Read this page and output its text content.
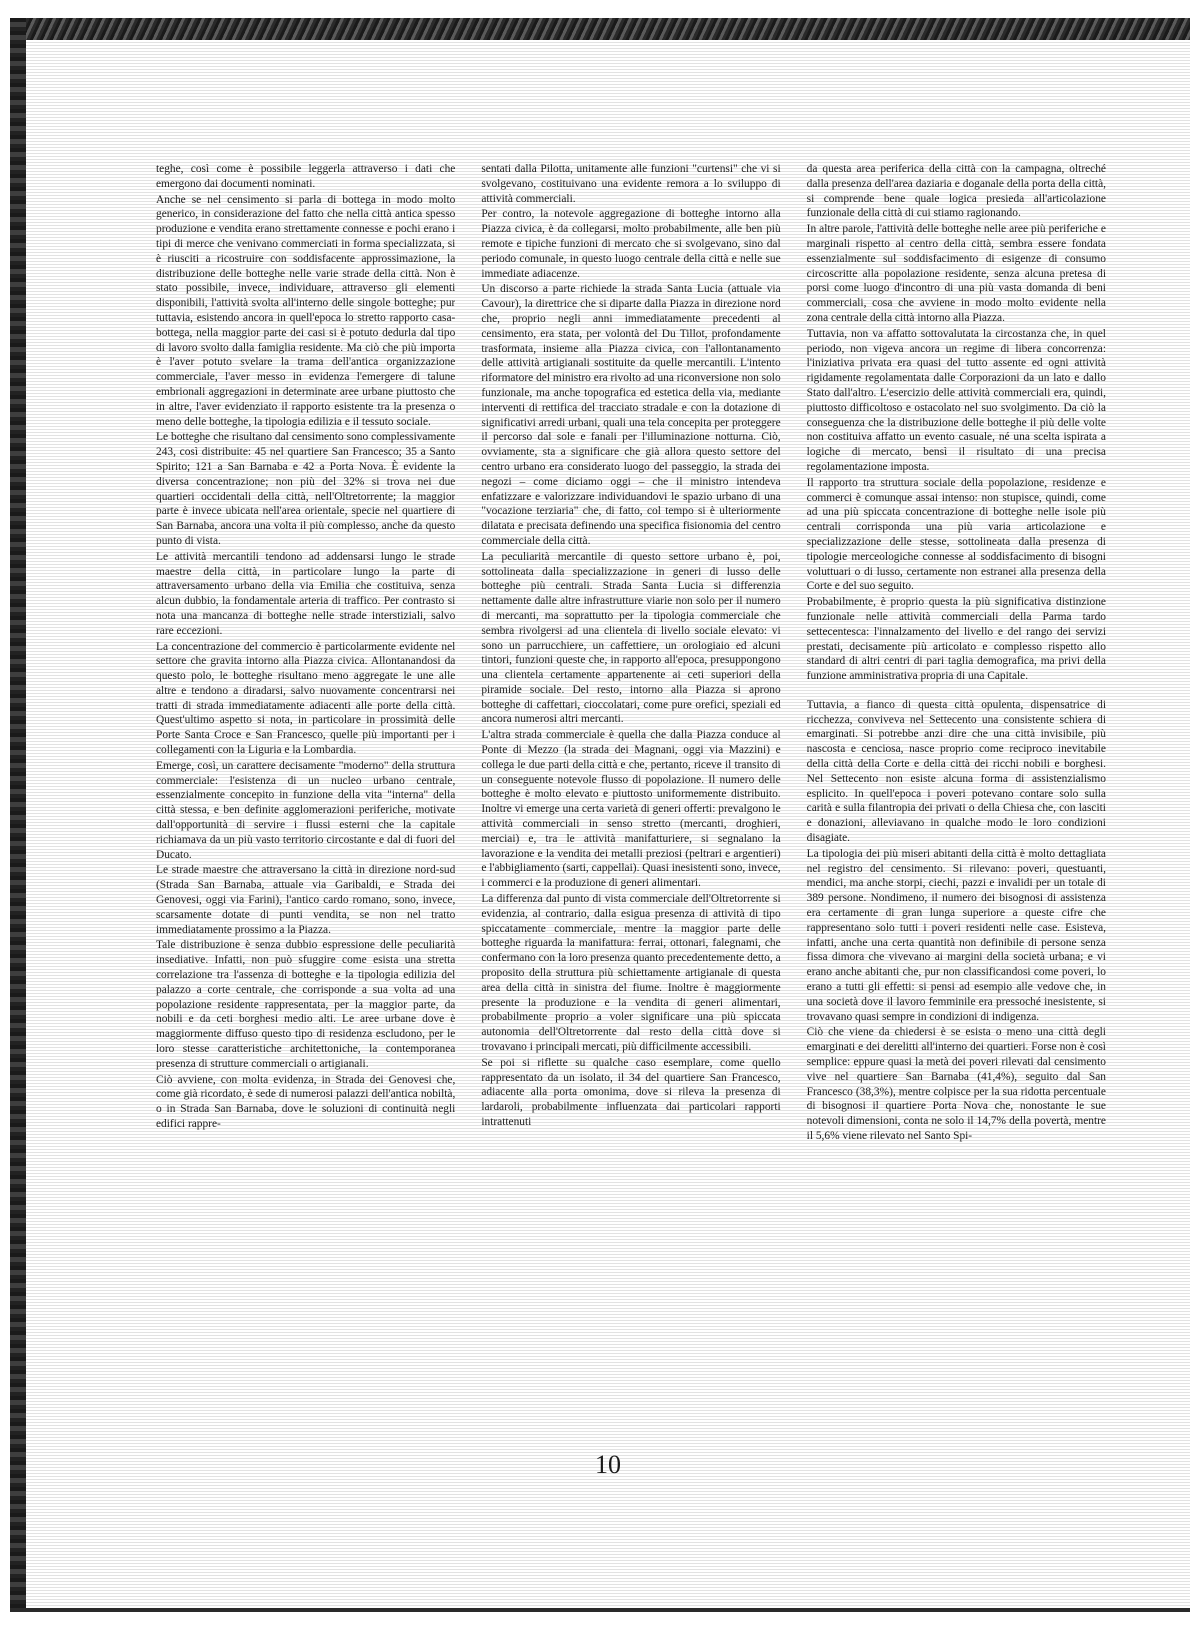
teghe, così come è possibile leggerla attraverso i dati che emergono dai documenti nominati.

Anche se nel censimento si parla di bottega in modo molto generico, in considerazione del fatto che nella città antica spesso produzione e vendita erano strettamente connesse e pochi erano i tipi di merce che venivano commerciati in forma specializzata, si è riusciti a ricostruire con soddisfacente approssimazione, la distribuzione delle botteghe nelle varie strade della città. Non è stato possibile, invece, individuare, attraverso gli elementi disponibili, l'attività svolta all'interno delle singole botteghe; pur tuttavia, esistendo ancora in quell'epoca lo stretto rapporto casa-bottega, nella maggior parte dei casi si è potuto dedurla dal tipo di lavoro svolto dalla famiglia residente. Ma ciò che più importa è l'aver potuto svelare la trama dell'antica organizzazione commerciale, l'aver messo in evidenza l'emergere di talune embrionali aggregazioni in determinate aree urbane piuttosto che in altre, l'aver evidenziato il rapporto esistente tra la presenza o meno delle botteghe, la tipologia edilizia e il tessuto sociale.

Le botteghe che risultano dal censimento sono complessivamente 243, così distribuite: 45 nel quartiere San Francesco; 35 a Santo Spirito; 121 a San Barnaba e 42 a Porta Nova. È evidente la diversa concentrazione; non più del 32% si trova nei due quartieri occidentali della città, nell'Oltretorrente; la maggior parte è invece ubicata nell'area orientale, specie nel quartiere di San Barnaba, ancora una volta il più complesso, anche da questo punto di vista.

Le attività mercantili tendono ad addensarsi lungo le strade maestre della città, in particolare lungo la parte di attraversamento urbano della via Emilia che costituiva, senza alcun dubbio, la fondamentale arteria di traffico. Per contrasto si nota una mancanza di botteghe nelle strade interstiziali, salvo rare eccezioni.

La concentrazione del commercio è particolarmente evidente nel settore che gravita intorno alla Piazza civica. Allontanandosi da questo polo, le botteghe risultano meno aggregate le une alle altre e tendono a diradarsi, salvo nuovamente concentrarsi nei tratti di strada immediatamente adiacenti alle porte della città. Quest'ultimo aspetto si nota, in particolare in prossimità delle Porte Santa Croce e San Francesco, quelle più importanti per i collegamenti con la Liguria e la Lombardia.

Emerge, così, un carattere decisamente "moderno" della struttura commerciale: l'esistenza di un nucleo urbano centrale, essenzialmente concepito in funzione della vita "interna" della città stessa, e ben definite agglomerazioni periferiche, motivate dall'opportunità di servire i flussi esterni che la capitale richiamava da un più vasto territorio circostante e dal di fuori del Ducato.

Le strade maestre che attraversano la città in direzione nord-sud (Strada San Barnaba, attuale via Garibaldi, e Strada dei Genovesi, oggi via Farini), l'antico cardo romano, sono, invece, scarsamente dotate di punti vendita, se non nel tratto immediatamente prossimo a la Piazza.

Tale distribuzione è senza dubbio espressione delle peculiarità insediative. Infatti, non può sfuggire come esista una stretta correlazione tra l'assenza di botteghe e la tipologia edilizia del palazzo a corte centrale, che corrisponde a sua volta ad una popolazione residente rappresentata, per la maggior parte, da nobili e da ceti borghesi medio alti. Le aree urbane dove è maggiormente diffuso questo tipo di residenza escludono, per le loro stesse caratteristiche architettoniche, la contemporanea presenza di strutture commerciali o artigianali.

Ciò avviene, con molta evidenza, in Strada dei Genovesi che, come già ricordato, è sede di numerosi palazzi dell'antica nobiltà, o in Strada San Barnaba, dove le soluzioni di continuità negli edifici rappre-

sentati dalla Pilotta, unitamente alle funzioni "curtensi" che vi si svolgevano, costituivano una evidente remora a lo sviluppo di attività commerciali.

Per contro, la notevole aggregazione di botteghe intorno alla Piazza civica, è da collegarsi, molto probabilmente, alle ben più remote e tipiche funzioni di mercato che si svolgevano, sino dal periodo comunale, in questo luogo centrale della città e nelle sue immediate adiacenze.

Un discorso a parte richiede la strada Santa Lucia (attuale via Cavour), la direttrice che si diparte dalla Piazza in direzione nord che, proprio negli anni immediatamente precedenti al censimento, era stata, per volontà del Du Tillot, profondamente trasformata, insieme alla Piazza civica, con l'allontanamento delle attività artigianali sostituite da quelle mercantili. L'intento riformatore del ministro era rivolto ad una riconversione non solo funzionale, ma anche topografica ed estetica della via, mediante interventi di rettifica del tracciato stradale e con la dotazione di significativi arredi urbani, quali una tela concepita per proteggere il percorso dal sole e fanali per l'illuminazione notturna. Ciò, ovviamente, sta a significare che già allora questo settore del centro urbano era considerato luogo del passeggio, la strada dei negozi – come diciamo oggi – che il ministro intendeva enfatizzare e valorizzare individuandovi le spazio urbano di una "vocazione terziaria" che, di fatto, col tempo si è ulteriormente dilatata e precisata definendo una specifica fisionomia del centro commerciale della città.

La peculiarità mercantile di questo settore urbano è, poi, sottolineata dalla specializzazione in generi di lusso delle botteghe più centrali. Strada Santa Lucia si differenzia nettamente dalle altre infrastrutture viarie non solo per il numero di mercanti, ma soprattutto per la tipologia commerciale che sembra rivolgersi ad una clientela di livello sociale elevato: vi sono un parrucchiere, un caffettiere, un orologiaio ed alcuni tintori, funzioni queste che, in rapporto all'epoca, presuppongono una clientela certamente appartenente ai ceti superiori della piramide sociale. Del resto, intorno alla Piazza si aprono botteghe di caffettari, cioccolatari, come pure orefici, speziali ed ancora numerosi altri mercanti.

L'altra strada commerciale è quella che dalla Piazza conduce al Ponte di Mezzo (la strada dei Magnani, oggi via Mazzini) e collega le due parti della città e che, pertanto, riceve il transito di un conseguente notevole flusso di popolazione. Il numero delle botteghe è molto elevato e piuttosto uniformemente distribuito. Inoltre vi emerge una certa varietà di generi offerti: prevalgono le attività commerciali in senso stretto (mercanti, droghieri, merciai) e, tra le attività manifatturiere, si segnalano la lavorazione e la vendita dei metalli preziosi (peltrari e argentieri) e l'abbigliamento (sarti, cappellai). Quasi inesistenti sono, invece, i commerci e la produzione di generi alimentari.

La differenza dal punto di vista commerciale dell'Oltretorrente si evidenzia, al contrario, dalla esigua presenza di attività di tipo spiccatamente commerciale, mentre la maggior parte delle botteghe riguarda la manifattura: ferrai, ottonari, falegnami, che confermano con la loro presenza quanto precedentemente detto, a proposito della struttura più schiettamente artigianale di questa area della città in sinistra del fiume. Inoltre è maggiormente presente la produzione e la vendita di generi alimentari, probabilmente proprio a voler significare una più spiccata autonomia dell'Oltretorrente dal resto della città dove si trovavano i principali mercati, più difficilmente accessibili.

Se poi si riflette su qualche caso esemplare, come quello rappresentato da un isolato, il 34 del quartiere San Francesco, adiacente alla porta omonima, dove si rileva la presenza di lardaroli, probabilmente influenzata dai particolari rapporti intrattenuti

da questa area periferica della città con la campagna, oltreché dalla presenza dell'area daziaria e doganale della porta della città, si comprende bene quale logica presieda all'articolazione funzionale della città di cui stiamo ragionando.

In altre parole, l'attività delle botteghe nelle aree più periferiche e marginali rispetto al centro della città, sembra essere fondata essenzialmente sul soddisfacimento di esigenze di consumo circoscritte alla popolazione residente, senza alcuna pretesa di porsi come luogo d'incontro di una più vasta domanda di beni commerciali, cosa che avviene in modo molto evidente nella zona centrale della città intorno alla Piazza.

Tuttavia, non va affatto sottovalutata la circostanza che, in quel periodo, non vigeva ancora un regime di libera concorrenza: l'iniziativa privata era quasi del tutto assente ed ogni attività rigidamente regolamentata dalle Corporazioni da un lato e dallo Stato dall'altro. L'esercizio delle attività commerciali era, quindi, piuttosto difficoltoso e ostacolato nel suo svolgimento. Da ciò la conseguenza che la distribuzione delle botteghe il più delle volte non costituiva affatto un evento casuale, né una scelta ispirata a logiche di mercato, bensì il risultato di una precisa regolamentazione imposta.

Il rapporto tra struttura sociale della popolazione, residenze e commerci è comunque assai intenso: non stupisce, quindi, come ad una più spiccata concentrazione di botteghe nelle isole più centrali corrisponda una più varia articolazione e specializzazione delle stesse, sottolineata dalla presenza di tipologie merceologiche connesse al soddisfacimento di bisogni voluttuari o di lusso, certamente non estranei alla presenza della Corte e del suo seguito.

Probabilmente, è proprio questa la più significativa distinzione funzionale nelle attività commerciali della Parma tardo settecentesca: l'innalzamento del livello e del rango dei servizi prestati, decisamente più articolato e complesso rispetto allo standard di altri centri di pari taglia demografica, ma privi della funzione amministrativa propria di una Capitale.

Tuttavia, a fianco di questa città opulenta, dispensatrice di ricchezza, conviveva nel Settecento una consistente schiera di emarginati. Si potrebbe anzi dire che una città invisibile, più nascosta e cenciosa, nasce proprio come reciproco inevitabile della città della Corte e della città dei ricchi nobili e borghesi. Nel Settecento non esiste alcuna forma di assistenzialismo esplicito. In quell'epoca i poveri potevano contare solo sulla carità e sulla filantropia dei privati o della Chiesa che, con lasciti e donazioni, alleviavano in qualche modo le loro condizioni disagiate.

La tipologia dei più miseri abitanti della città è molto dettagliata nel registro del censimento. Si rilevano: poveri, questuanti, mendici, ma anche storpi, ciechi, pazzi e invalidi per un totale di 389 persone. Nondimeno, il numero dei bisognosi di assistenza era certamente di gran lunga superiore a queste cifre che rappresentano solo tutti i poveri residenti nelle case. Esisteva, infatti, anche una certa quantità non definibile di persone senza fissa dimora che vivevano ai margini della società urbana; e vi erano anche abitanti che, pur non classificandosi come poveri, lo erano a tutti gli effetti: si pensi ad esempio alle vedove che, in una società dove il lavoro femminile era pressoché inesistente, si trovavano quasi sempre in condizioni di indigenza.

Ciò che viene da chiedersi è se esista o meno una città degli emarginati e dei derelitti all'interno dei quartieri. Forse non è così semplice: eppure quasi la metà dei poveri rilevati dal censimento vive nel quartiere San Barnaba (41,4%), seguito dal San Francesco (38,3%), mentre colpisce per la sua ridotta percentuale di bisognosi il quartiere Porta Nova che, nonostante le sue notevoli dimensioni, conta ne solo il 14,7% della povertà, mentre il 5,6% viene rilevato nel Santo Spi-

10
